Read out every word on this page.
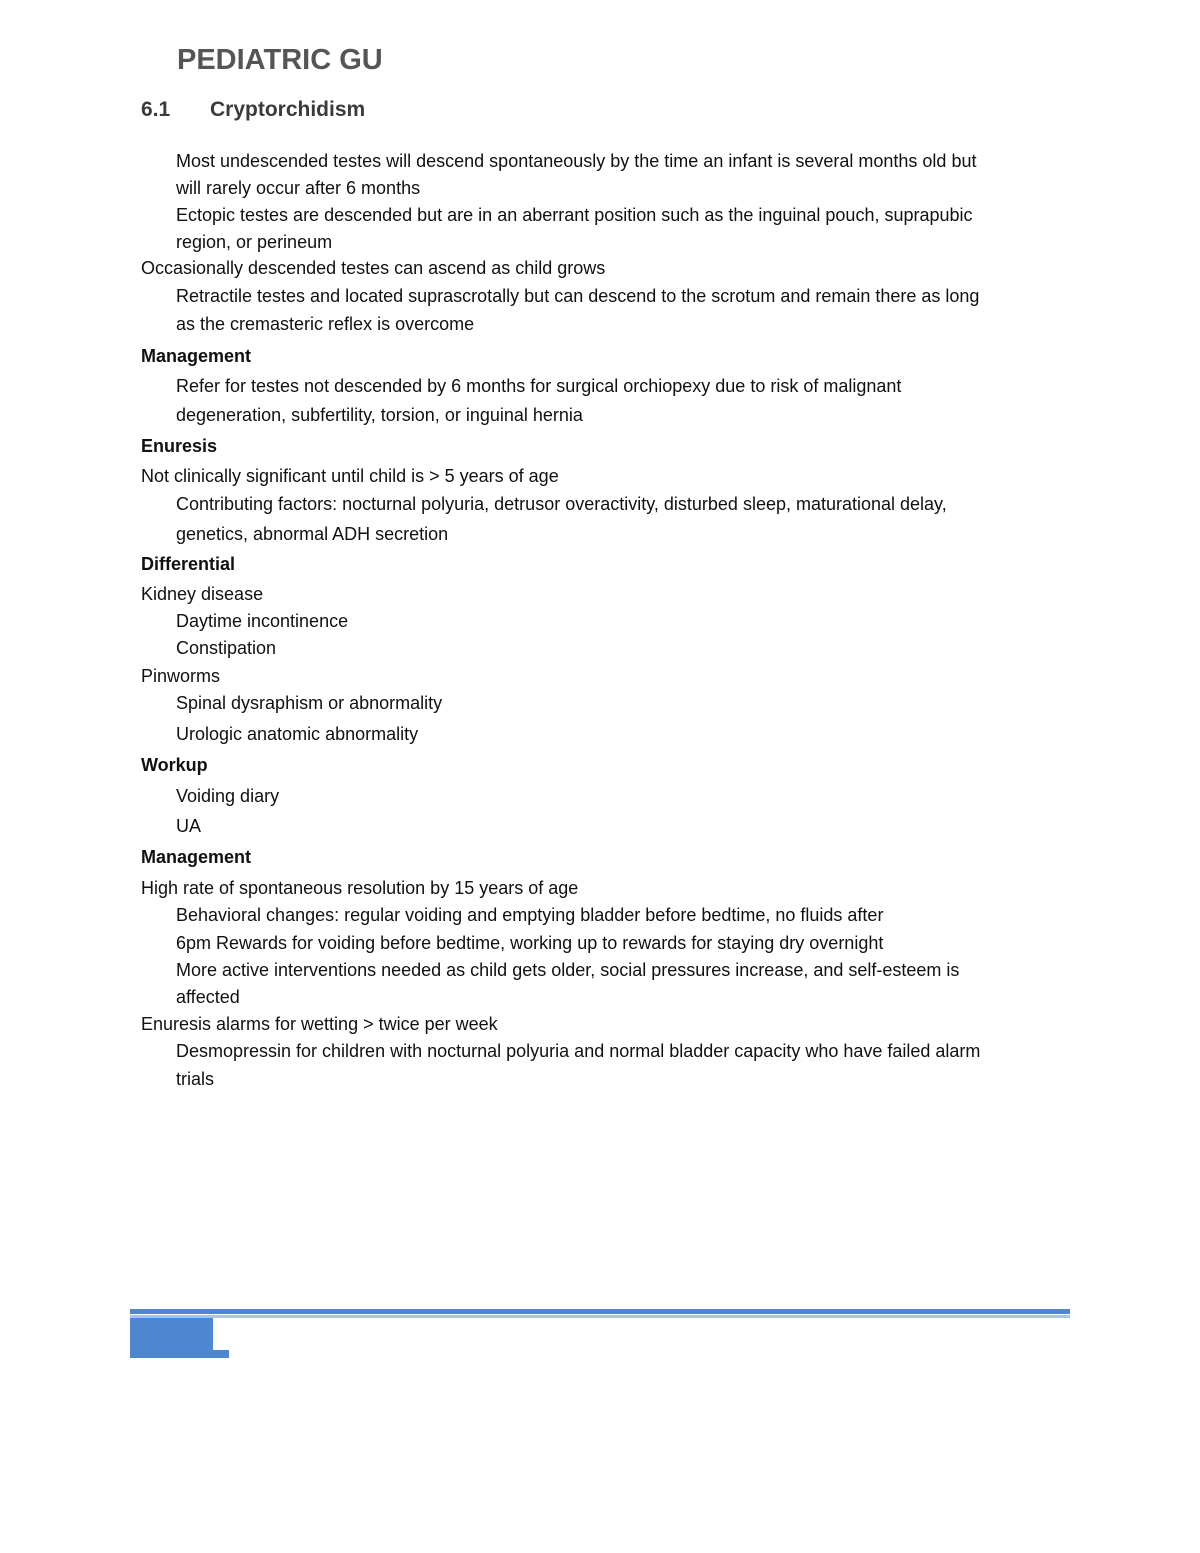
PEDIATRIC GU
6.1 Cryptorchidism
Most undescended testes will descend spontaneously by the time an infant is several months old but
will rarely occur after 6 months
Ectopic testes are descended but are in an aberrant position such as the inguinal pouch, suprapubic
region, or perineum
Occasionally descended testes can ascend as child grows
Retractile testes and located suprascrotally but can descend to the scrotum and remain there as long
as the cremasteric reflex is overcome
Management
Refer for testes not descended by 6 months for surgical orchiopexy due to risk of malignant
degeneration, subfertility, torsion, or inguinal hernia
Enuresis
Not clinically significant until child is > 5 years of age
Contributing factors: nocturnal polyuria, detrusor overactivity, disturbed sleep, maturational delay,
genetics, abnormal ADH secretion
Differential
Kidney disease
Daytime incontinence
Constipation
Pinworms
Spinal dysraphism or abnormality
Urologic anatomic abnormality
Workup
Voiding diary
UA
Management
High rate of spontaneous resolution by 15 years of age
Behavioral changes: regular voiding and emptying bladder before bedtime, no fluids after
6pm Rewards for voiding before bedtime, working up to rewards for staying dry overnight
More active interventions needed as child gets older, social pressures increase, and self-esteem is
affected
Enuresis alarms for wetting > twice per week
Desmopressin for children with nocturnal polyuria and normal bladder capacity who have failed alarm
trials
